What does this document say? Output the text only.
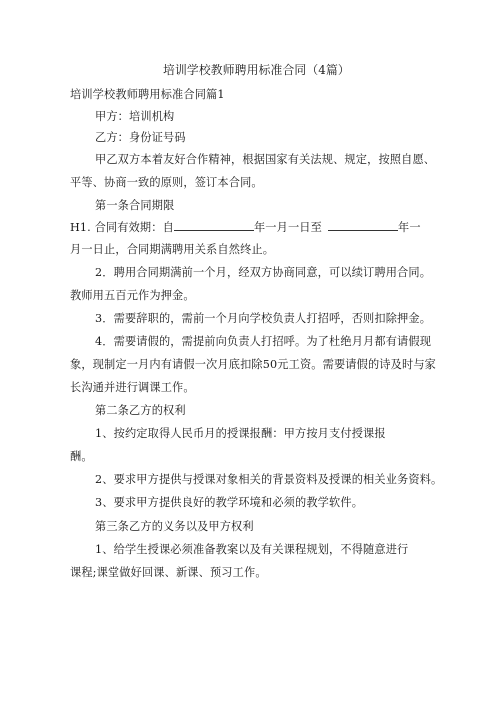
培训学校教师聘用标准合同（4篇）
培训学校教师聘用标准合同篇1
甲方：培训机构
乙方：身份证号码
甲乙双方本着友好合作精神，根据国家有关法规、规定，按照自愿、
平等、协商一致的原则，签订本合同。
第一条合同期限
H1. 合同有效期：自	年一月一日至	年一
月一日止，合同期满聘用关系自然终止。
2．聘用合同期满前一个月，经双方协商同意，可以续订聘用合同。
教师用五百元作为押金。
3．需要辞职的，需前一个月向学校负责人打招呼，否则扣除押金。
4．需要请假的，需提前向负责人打招呼。为了杜绝月月都有请假现
象，现制定一月内有请假一次月底扣除50元工资。需要请假的诗及时与家
长沟通并进行调课工作。
第二条乙方的权利
1、按约定取得人民币月的授课报酬：甲方按月支付授课报
酬。
2、要求甲方提供与授课对象相关的背景资料及授课的相关业务资料。
3、要求甲方提供良好的教学环境和必须的教学软件。
第三条乙方的义务以及甲方权利
1、给学生授课必须准备教案以及有关课程规划，不得随意进行
课程;课堂做好回课、新课、预习工作。
